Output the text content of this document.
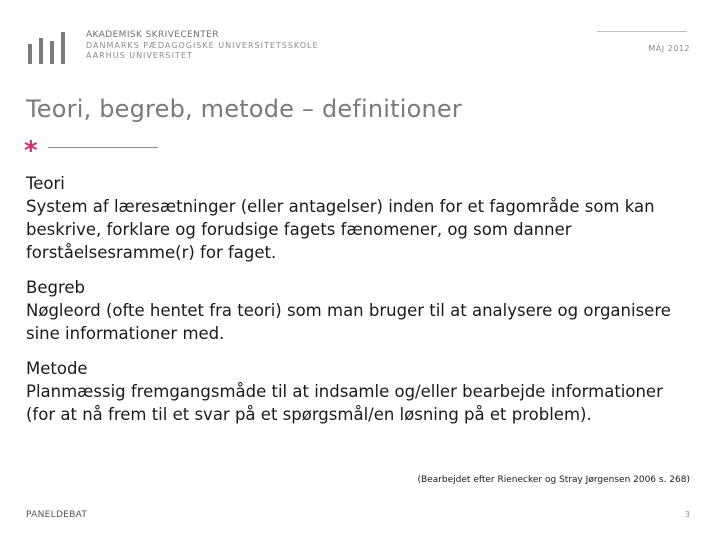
AKADEMISK SKRIVECENTER
DANMARKS PÆDAGOGISKE UNIVERSITETSSKOLE
AARHUS UNIVERSITET
MAJ 2012
Teori, begreb, metode – definitioner
*

Teori

System af læresætninger (eller antagelser) inden for et fagområde som kan beskrive, forklare og forudsige fagets fænomener, og som danner forståelsesramme(r) for faget.

Begreb

Nøgleord (ofte hentet fra teori) som man bruger til at analysere og organisere sine informationer med.

Metode

Planmæssig fremgangsmåde til at indsamle og/eller bearbejde informationer (for at nå frem til et svar på et spørgsmål/en løsning på et problem).

(Bearbejdet efter Rienecker og Stray Jørgensen 2006 s. 268)
PANELDEBAT	3
